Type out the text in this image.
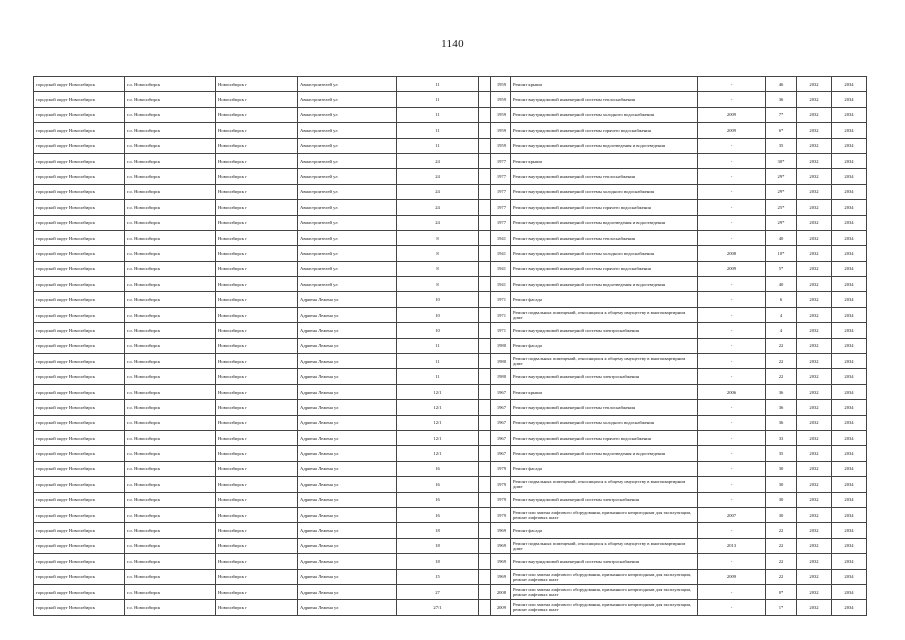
1140
городской округ Новосибирск	г.о. Новосибирск	Новосибирск г	Авиастроителей ул	11		1959	Ремонт крыши	-	46	2032	2034
городской округ Новосибирск	г.о. Новосибирск	Новосибирск г	Авиастроителей ул	11		1959	Ремонт внутридомовой инженерной системы теплоснабжения	-	36	2032	2034
городской округ Новосибирск	г.о. Новосибирск	Новосибирск г	Авиастроителей ул	11		1959	Ремонт внутридомовой инженерной системы холодного водоснабжения	2009	7*	2032	2034
городской округ Новосибирск	г.о. Новосибирск	Новосибирск г	Авиастроителей ул	11		1959	Ремонт внутридомовой инженерной системы горячего водоснабжения	2009	6*	2032	2034
городской округ Новосибирск	г.о. Новосибирск	Новосибирск г	Авиастроителей ул	11		1959	Ремонт внутридомовой инженерной системы водоотведения и водоотведения	-	35	2032	2034
городской округ Новосибирск	г.о. Новосибирск	Новосибирск г	Авиастроителей ул	24		1977	Ремонт крыши	-	30*	2032	2034
городской округ Новосибирск	г.о. Новосибирск	Новосибирск г	Авиастроителей ул	24		1977	Ремонт внутридомовой инженерной системы теплоснабжения	-	29*	2032	2034
городской округ Новосибирск	г.о. Новосибирск	Новосибирск г	Авиастроителей ул	24		1977	Ремонт внутридомовой инженерной системы холодного водоснабжения	-	29*	2032	2034
городской округ Новосибирск	г.о. Новосибирск	Новосибирск г	Авиастроителей ул	24		1977	Ремонт внутридомовой инженерной системы горячего водоснабжения	-	25*	2032	2034
городской округ Новосибирск	г.о. Новосибирск	Новосибирск г	Авиастроителей ул	24		1977	Ремонт внутридомовой инженерной системы водоотведения и водоотведения	-	29*	2032	2034
городской округ Новосибирск	г.о. Новосибирск	Новосибирск г	Авиастроителей ул	8		1941	Ремонт внутридомовой инженерной системы теплоснабжения	-	40	2032	2034
городской округ Новосибирск	г.о. Новосибирск	Новосибирск г	Авиастроителей ул	8		1941	Ремонт внутридомовой инженерной системы холодного водоснабжения	2008	10*	2032	2034
городской округ Новосибирск	г.о. Новосибирск	Новосибирск г	Авиастроителей ул	8		1941	Ремонт внутридомовой инженерной системы горячего водоснабжения	2009	5*	2032	2034
городской округ Новосибирск	г.о. Новосибирск	Новосибирск г	Авиастроителей ул	8		1941	Ремонт внутридомовой инженерной системы водоотведения и водоотведения	-	40	2032	2034
городской округ Новосибирск	г.о. Новосибирск	Новосибирск г	Адриена Лежена ул	10		1971	Ремонт фасада	-	6	2032	2034
городской округ Новосибирск	г.о. Новосибирск	Новосибирск г	Адриена Лежена ул	10		1971	Ремонт подвальных помещений, относящихся к общему имуществу в многоквартирном доме	-	4	2032	2034
городской округ Новосибирск	г.о. Новосибирск	Новосибирск г	Адриена Лежена ул	10		1971	Ремонт внутридомовой инженерной системы электроснабжения	-	4	2032	2034
городской округ Новосибирск	г.о. Новосибирск	Новосибирск г	Адриена Лежена ул	11		1980	Ремонт фасада	-	22	2032	2034
городской округ Новосибирск	г.о. Новосибирск	Новосибирск г	Адриена Лежена ул	11		1980	Ремонт подвальных помещений, относящихся к общему имуществу в многоквартирном доме	-	22	2032	2034
городской округ Новосибирск	г.о. Новосибирск	Новосибирск г	Адриена Лежена ул	11		1980	Ремонт внутридомовой инженерной системы электроснабжения	-	22	2032	2034
городской округ Новосибирск	г.о. Новосибирск	Новосибирск г	Адриена Лежена ул	12/1		1967	Ремонт крыши	2006	36	2032	2034
городской округ Новосибирск	г.о. Новосибирск	Новосибирск г	Адриена Лежена ул	12/1		1967	Ремонт внутридомовой инженерной системы теплоснабжения	-	36	2032	2034
городской округ Новосибирск	г.о. Новосибирск	Новосибирск г	Адриена Лежена ул	12/1		1967	Ремонт внутридомовой инженерной системы холодного водоснабжения	-	36	2032	2034
городской округ Новосибирск	г.о. Новосибирск	Новосибирск г	Адриена Лежена ул	12/1		1967	Ремонт внутридомовой инженерной системы горячего водоснабжения	-	33	2032	2034
городской округ Новосибирск	г.о. Новосибирск	Новосибирск г	Адриена Лежена ул	12/1		1967	Ремонт внутридомовой инженерной системы водоотведения и водоотведения	-	35	2032	2034
городской округ Новосибирск	г.о. Новосибирск	Новосибирск г	Адриена Лежена ул	16		1979	Ремонт фасада	-	30	2032	2034
городской округ Новосибирск	г.о. Новосибирск	Новосибирск г	Адриена Лежена ул	16		1979	Ремонт подвальных помещений, относящихся к общему имуществу в многоквартирном доме	-	30	2032	2034
городской округ Новосибирск	г.о. Новосибирск	Новосибирск г	Адриена Лежена ул	16		1979	Ремонт внутридомовой инженерной системы электроснабжения	-	30	2032	2034
городской округ Новосибирск	г.о. Новосибирск	Новосибирск г	Адриена Лежена ул	16		1979	Ремонт или замена лифтового оборудования, признанного непригодным для эксплуатации, ремонт лифтовых шахт	2007	30	2032	2034
городской округ Новосибирск	г.о. Новосибирск	Новосибирск г	Адриена Лежена ул	18		1969	Ремонт фасада	-	22	2032	2034
городской округ Новосибирск	г.о. Новосибирск	Новосибирск г	Адриена Лежена ул	18		1969	Ремонт подвальных помещений, относящихся к общему имуществу в многоквартирном доме	2013	22	2032	2034
городской округ Новосибирск	г.о. Новосибирск	Новосибирск г	Адриена Лежена ул	18		1969	Ремонт внутридомовой инженерной системы электроснабжения	-	22	2032	2034
городской округ Новосибирск	г.о. Новосибирск	Новосибирск г	Адриена Лежена ул	15		1969	Ремонт или замена лифтового оборудования, признанного непригодным для эксплуатации, ремонт лифтовых шахт	2009	22	2032	2034
городской округ Новосибирск	г.о. Новосибирск	Новосибирск г	Адриена Лежена ул	27		2008	Ремонт или замена лифтового оборудования, признанного непригодным для эксплуатации, ремонт лифтовых шахт	-	0*	2032	2034
городской округ Новосибирск	г.о. Новосибирск	Новосибирск г	Адриена Лежена ул	27/1		2009	Ремонт или замена лифтового оборудования, признанного непригодным для эксплуатации, ремонт лифтовых шахт	-	1*	2032	2034
